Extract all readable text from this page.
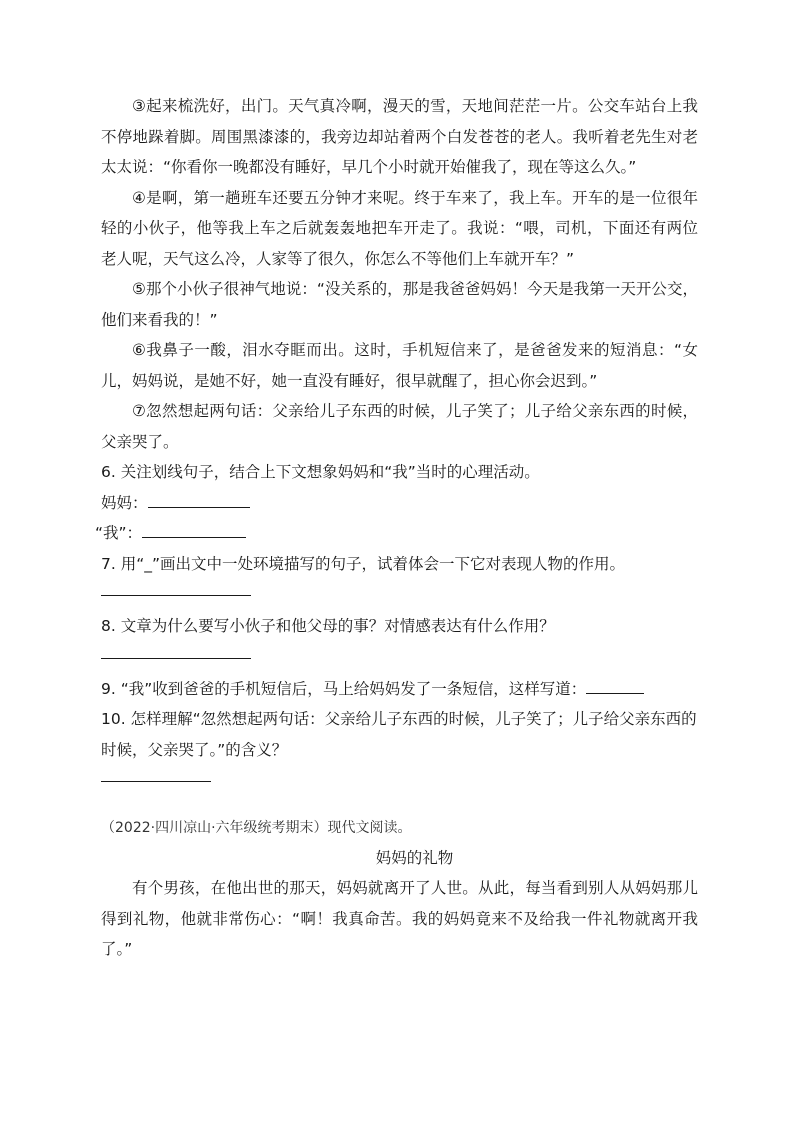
③起来梳洗好，出门。天气真冷啊，漫天的雪，天地间茫茫一片。公交车站台上我不停地跺着脚。周围黑漆漆的，我旁边却站着两个白发苍苍的老人。我听着老先生对老太太说：“你看你一晚都没有睡好，早几个小时就开始催我了，现在等这么久。”

④是啊，第一趟班车还要五分钟才来呢。终于车来了，我上车。开车的是一位很年轻的小伙子，他等我上车之后就轰轰地把车开走了。我说：“喂，司机，下面还有两位老人呢，天气这么冷，人家等了很久，你怎么不等他们上车就开车？”

⑤那个小伙子很神气地说：“没关系的，那是我爸爸妈妈！今天是我第一天开公交，他们来看我的！”

⑥我鼻子一酸，泪水夺眶而出。这时，手机短信来了，是爸爸发来的短消息：“女儿，妈妈说，是她不好，她一直没有睡好，很早就醒了，担心你会迟到。”

⑦忽然想起两句话：父亲给儿子东西的时候，儿子笑了；儿子给父亲东西的时候，父亲哭了。

6. 关注划线句子，结合上下文想象妈妈和“我”当时的心理活动。

妈妈：

“我”：

7. 用“_”画出文中一处环境描写的句子，试着体会一下它对表现人物的作用。

8. 文章为什么要写小伙子和他父母的事？对情感表达有什么作用？

9. “我”收到爸爸的手机短信后，马上给妈妈发了一条短信，这样写道：

10. 怎样理解“忽然想起两句话：父亲给儿子东西的时候，儿子笑了；儿子给父亲东西的时候，父亲哭了。”的含义？

（2022·四川凉山·六年级统考期末）现代文阅读。

妈妈的礼物

有个男孩，在他出世的那天，妈妈就离开了人世。从此，每当看到别人从妈妈那儿得到礼物，他就非常伤心：“啊！我真命苦。我的妈妈竟来不及给我一件礼物就离开我了。”
